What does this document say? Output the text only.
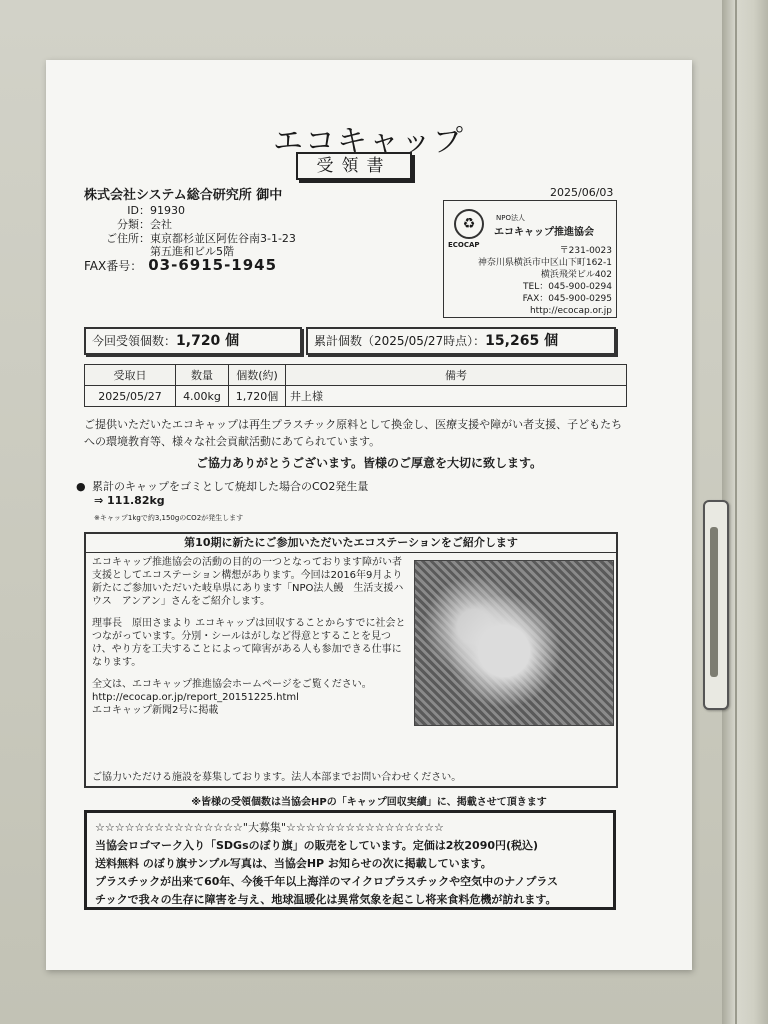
エコキャップ
受領書
株式会社システム総合研究所 御中	2025/06/03
ID：91930
分類：会社
ご住所：東京都杉並区阿佐谷南3-1-23
第五進和ビル5階
FAX番号： 03-6915-1945
♻
ECOCAP
NPO法人
エコキャップ推進協会
〒231-0023
神奈川県横浜市中区山下町162-1
横浜飛栄ビル402
TEL：045-900-0294
FAX：045-900-0295
http://ecocap.or.jp
今回受領個数：1,720 個	累計個数（2025/05/27時点）：15,265 個
受取日	数量	個数(約)	備考
2025/05/27	4.00kg	1,720個	井上様
ご提供いただいたエコキャップは再生プラスチック原料として換金し、医療支援や障がい者支援、子どもたちへの環境教育等、様々な社会貢献活動にあてられています。
ご協力ありがとうございます。皆様のご厚意を大切に致します。
● 累計のキャップをゴミとして焼却した場合のCO2発生量
⇒ 111.82kg
※キャップ1kgで約3,150gのCO2が発生します
第10期に新たにご参加いただいたエコステーションをご紹介します

エコキャップ推進協会の活動の目的の一つとなっております障がい者支援としてエコステーション構想があります。今回は2016年9月より新たにご参加いただいた岐阜県にあります「NPO法人鰻　生活支援ハウス　アンアン」さんをご紹介します。

理事長　原田さまより エコキャップは回収することからすでに社会とつながっています。分別・シールはがしなど得意とすることを見つけ、やり方を工夫することによって障害がある人も参加できる仕事になります。

全文は、エコキャップ推進協会ホームページをご覧ください。

http://ecocap.or.jp/report_20151225.html
エコキャップ新聞2号に掲載
ご協力いただける施設を募集しております。法人本部までお問い合わせください。
※皆様の受領個数は当協会HPの「キャップ回収実績」に、掲載させて頂きます
☆☆☆☆☆☆☆☆☆☆☆☆☆☆☆"大募集"☆☆☆☆☆☆☆☆☆☆☆☆☆☆☆☆
当協会ロゴマーク入り「SDGsのぼり旗」の販売をしています。定価は2枚2090円(税込)
送料無料 のぼり旗サンプル写真は、当協会HP お知らせの次に掲載しています。
プラスチックが出来て60年、今後千年以上海洋のマイクロプラスチックや空気中のナノプラス
チックで我々の生存に障害を与え、地球温暖化は異常気象を起こし将来食料危機が訪れます。
